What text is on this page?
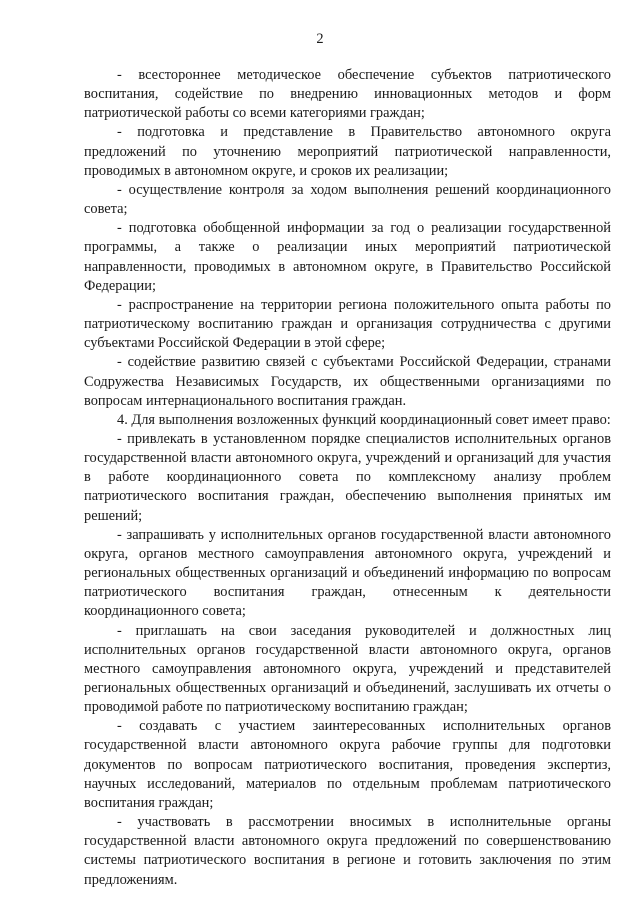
2

- всестороннее методическое обеспечение субъектов патриотического воспитания, содействие по внедрению инновационных методов и форм патриотической работы со всеми категориями граждан;

- подготовка и представление в Правительство автономного округа предложений по уточнению мероприятий патриотической направленности, проводимых в автономном округе, и сроков их реализации;

- осуществление контроля за ходом выполнения решений координационного совета;

- подготовка обобщенной информации за год о реализации государственной программы, а также о реализации иных мероприятий патриотической направленности, проводимых в автономном округе, в Правительство Российской Федерации;

- распространение на территории региона положительного опыта работы по патриотическому воспитанию граждан и организация сотрудничества с другими субъектами Российской Федерации в этой сфере;

- содействие развитию связей с субъектами Российской Федерации, странами Содружества Независимых Государств, их общественными организациями по вопросам интернационального воспитания граждан.

4. Для выполнения возложенных функций координационный совет имеет право:

- привлекать в установленном порядке специалистов исполнительных органов государственной власти автономного округа, учреждений и организаций для участия в работе координационного совета по комплексному анализу проблем патриотического воспитания граждан, обеспечению выполнения принятых им решений;

- запрашивать у исполнительных органов государственной власти автономного округа, органов местного самоуправления автономного округа, учреждений и региональных общественных организаций и объединений информацию по вопросам патриотического воспитания граждан, отнесенным к деятельности координационного совета;

- приглашать на свои заседания руководителей и должностных лиц исполнительных органов государственной власти автономного округа, органов местного самоуправления автономного округа, учреждений и представителей региональных общественных организаций и объединений, заслушивать их отчеты о проводимой работе по патриотическому воспитанию граждан;

- создавать с участием заинтересованных исполнительных органов государственной власти автономного округа рабочие группы для подготовки документов по вопросам патриотического воспитания, проведения экспертиз, научных исследований, материалов по отдельным проблемам патриотического воспитания граждан;

- участвовать в рассмотрении вносимых в исполнительные органы государственной власти автономного округа предложений по совершенствованию системы патриотического воспитания в регионе и готовить заключения по этим предложениям.
